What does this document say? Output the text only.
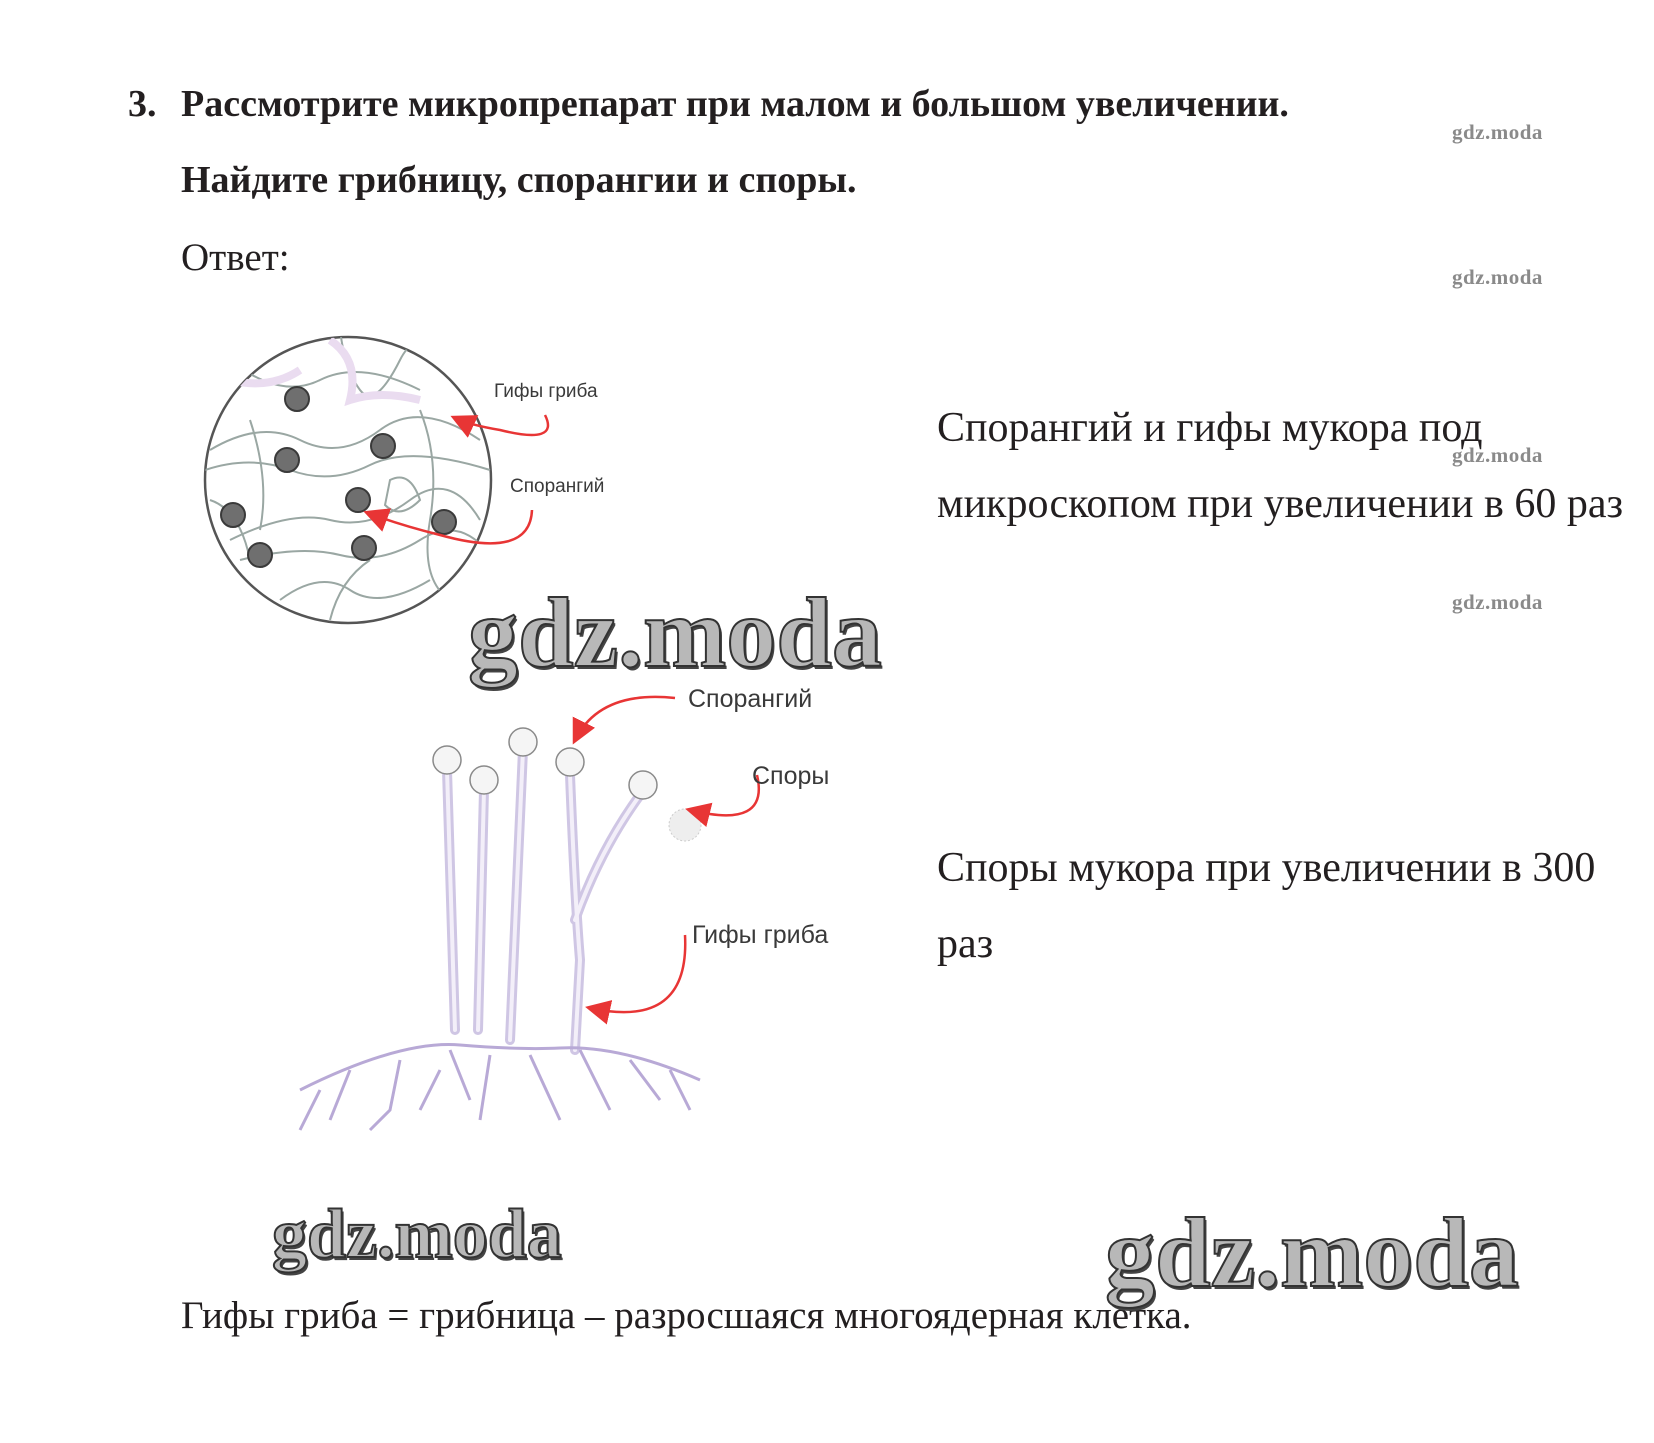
3. Рассмотрите микропрепарат при малом и большом увеличении.
Найдите грибницу, спорангии и споры.
Ответ:
Гифы гриба
Спорангий
Спорангий
Споры
Гифы гриба
Спорангий и гифы мукора под микроскопом при увеличении в 60 раз
Споры мукора при увеличении в 300 раз
Гифы гриба = грибница – разросшаяся многоядерная клетка.
gdz.moda
gdz.moda
gdz.moda
gdz.moda
gdz.moda
gdz.moda	gdz.moda
